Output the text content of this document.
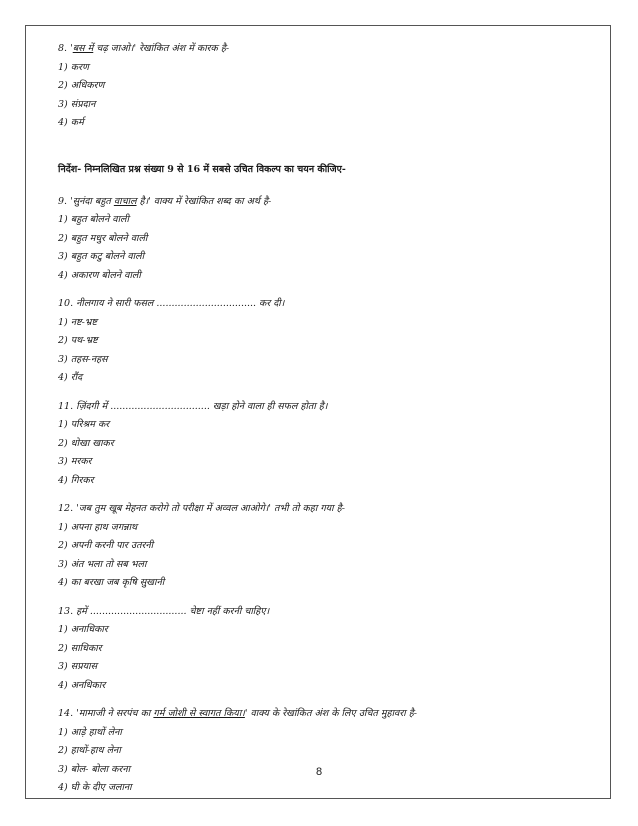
8. 'बस में चढ़ जाओ।' रेखांकित अंश में कारक है-
1) करण
2) अधिकरण
3) संप्रदान
4) कर्म
निर्देश- निम्नलिखित प्रश्न संख्या 9 से 16 में सबसे उचित विकल्प का चयन कीजिए-
9. 'सुनंदा बहुत वाचाल है।' वाक्य में रेखांकित शब्द का अर्थ है-
1) बहुत बोलने वाली
2) बहुत मधुर बोलने वाली
3) बहुत कटु बोलने वाली
4) अकारण बोलने वाली
10. नीलगाय ने सारी फसल ................................. कर दी।
1) नष्ट-भ्रष्ट
2) पथ-भ्रष्ट
3) तहस-नहस
4) रौंद
11. ज़िंदगी में ................................. खड़ा होने वाला ही सफल होता है।
1) परिश्रम कर
2) धोखा खाकर
3) मरकर
4) गिरकर
12. 'जब तुम खूब मेहनत करोगे तो परीक्षा में अव्वल आओगे।' तभी तो कहा गया है-
1) अपना हाथ जगन्नाथ
2) अपनी करनी पार उतरनी
3) अंत भला तो सब भला
4) का बरखा जब कृषि सुखानी
13. हमें ................................ चेष्टा नहीं करनी चाहिए।
1) अनाधिकार
2) साधिकार
3) सप्रयास
4) अनधिकार
14. 'मामाजी ने सरपंच का गर्म जोशी से स्वागत किया।' वाक्य के रेखांकित अंश के लिए उचित मुहावरा है-
1) आड़े हाथों लेना
2) हाथों-हाथ लेना
3) बोल- बोला करना
4) घी के दीए जलाना
8
